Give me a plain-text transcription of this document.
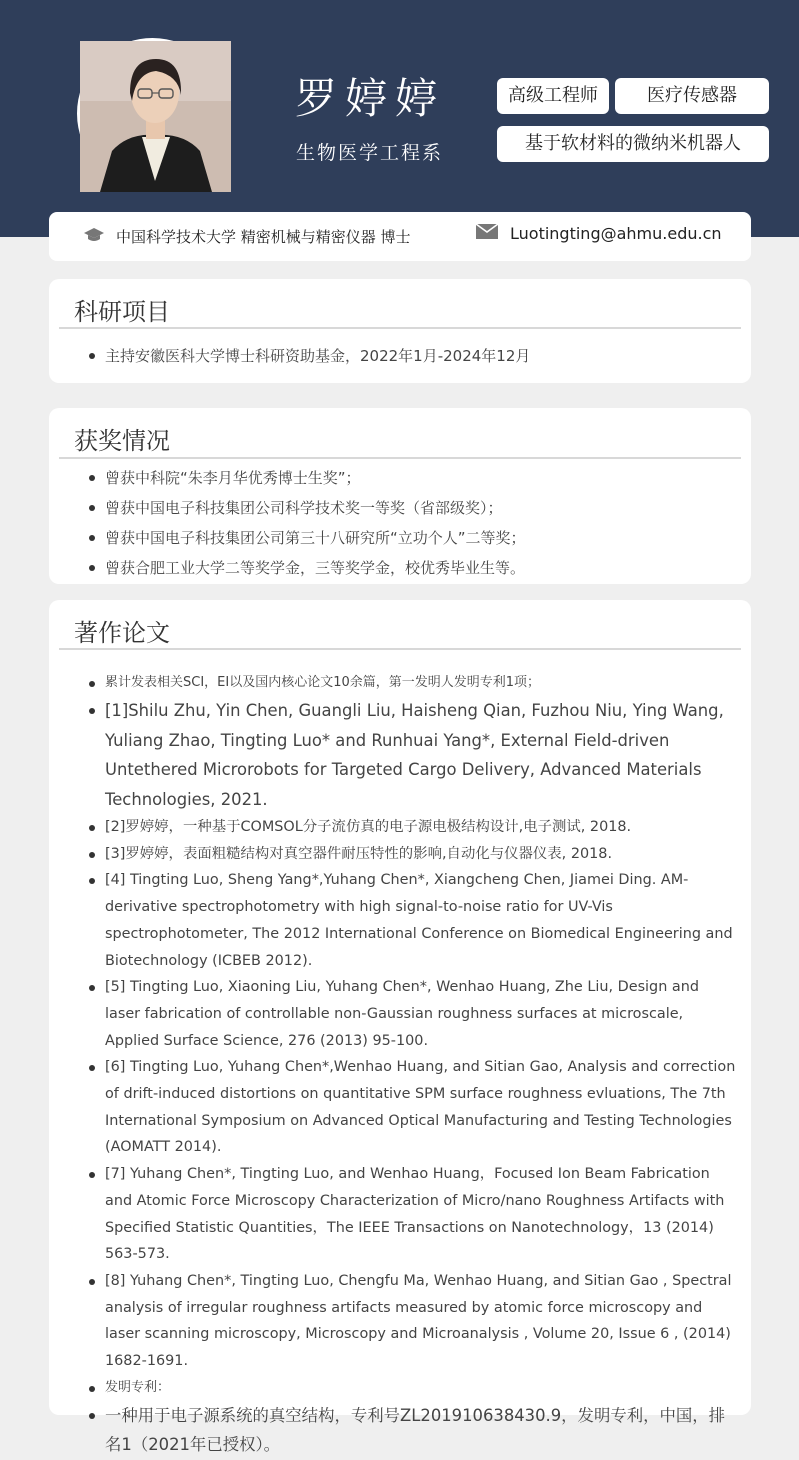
罗婷婷
生物医学工程系
高级工程师	医疗传感器
基于软材料的微纳米机器人
中国科学技术大学 精密机械与精密仪器 博士	Luotingting@ahmu.edu.cn
科研项目
主持安徽医科大学博士科研资助基金，2022年1月-2024年12月
获奖情况
曾获中科院“朱李月华优秀博士生奖”；
曾获中国电子科技集团公司科学技术奖一等奖（省部级奖）；
曾获中国电子科技集团公司第三十八研究所“立功个人”二等奖；
曾获合肥工业大学二等奖学金，三等奖学金，校优秀毕业生等。
著作论文
累计发表相关SCI，EI以及国内核心论文10余篇，第一发明人发明专利1项；
[1]Shilu Zhu, Yin Chen, Guangli Liu, Haisheng Qian, Fuzhou Niu, Ying Wang, Yuliang Zhao, Tingting Luo* and Runhuai Yang*, External Field-driven Untethered Microrobots for Targeted Cargo Delivery, Advanced Materials Technologies, 2021.
[2]罗婷婷，一种基于COMSOL分子流仿真的电子源电极结构设计,电子测试, 2018.
[3]罗婷婷，表面粗糙结构对真空器件耐压特性的影响,自动化与仪器仪表, 2018.
[4] Tingting Luo, Sheng Yang*,Yuhang Chen*, Xiangcheng Chen, Jiamei Ding. AM-derivative spectrophotometry with high signal-to-noise ratio for UV-Vis spectrophotometer, The 2012 International Conference on Biomedical Engineering and Biotechnology (ICBEB 2012).
[5] Tingting Luo, Xiaoning Liu, Yuhang Chen*, Wenhao Huang, Zhe Liu, Design and laser fabrication of controllable non-Gaussian roughness surfaces at microscale, Applied Surface Science, 276 (2013) 95-100.
[6] Tingting Luo, Yuhang Chen*,Wenhao Huang, and Sitian Gao, Analysis and correction of drift-induced distortions on quantitative SPM surface roughness evluations, The 7th International Symposium on Advanced Optical Manufacturing and Testing Technologies (AOMATT 2014).
[7] Yuhang Chen*, Tingting Luo, and Wenhao Huang，Focused Ion Beam Fabrication and Atomic Force Microscopy Characterization of Micro/nano Roughness Artifacts with Specified Statistic Quantities，The IEEE Transactions on Nanotechnology，13 (2014) 563-573.
[8] Yuhang Chen*, Tingting Luo, Chengfu Ma, Wenhao Huang, and Sitian Gao , Spectral analysis of irregular roughness artifacts measured by atomic force microscopy and laser scanning microscopy, Microscopy and Microanalysis , Volume 20, Issue 6 , (2014) 1682-1691.
发明专利：
一种用于电子源系统的真空结构，专利号ZL201910638430.9，发明专利，中国，排名1（2021年已授权）。
